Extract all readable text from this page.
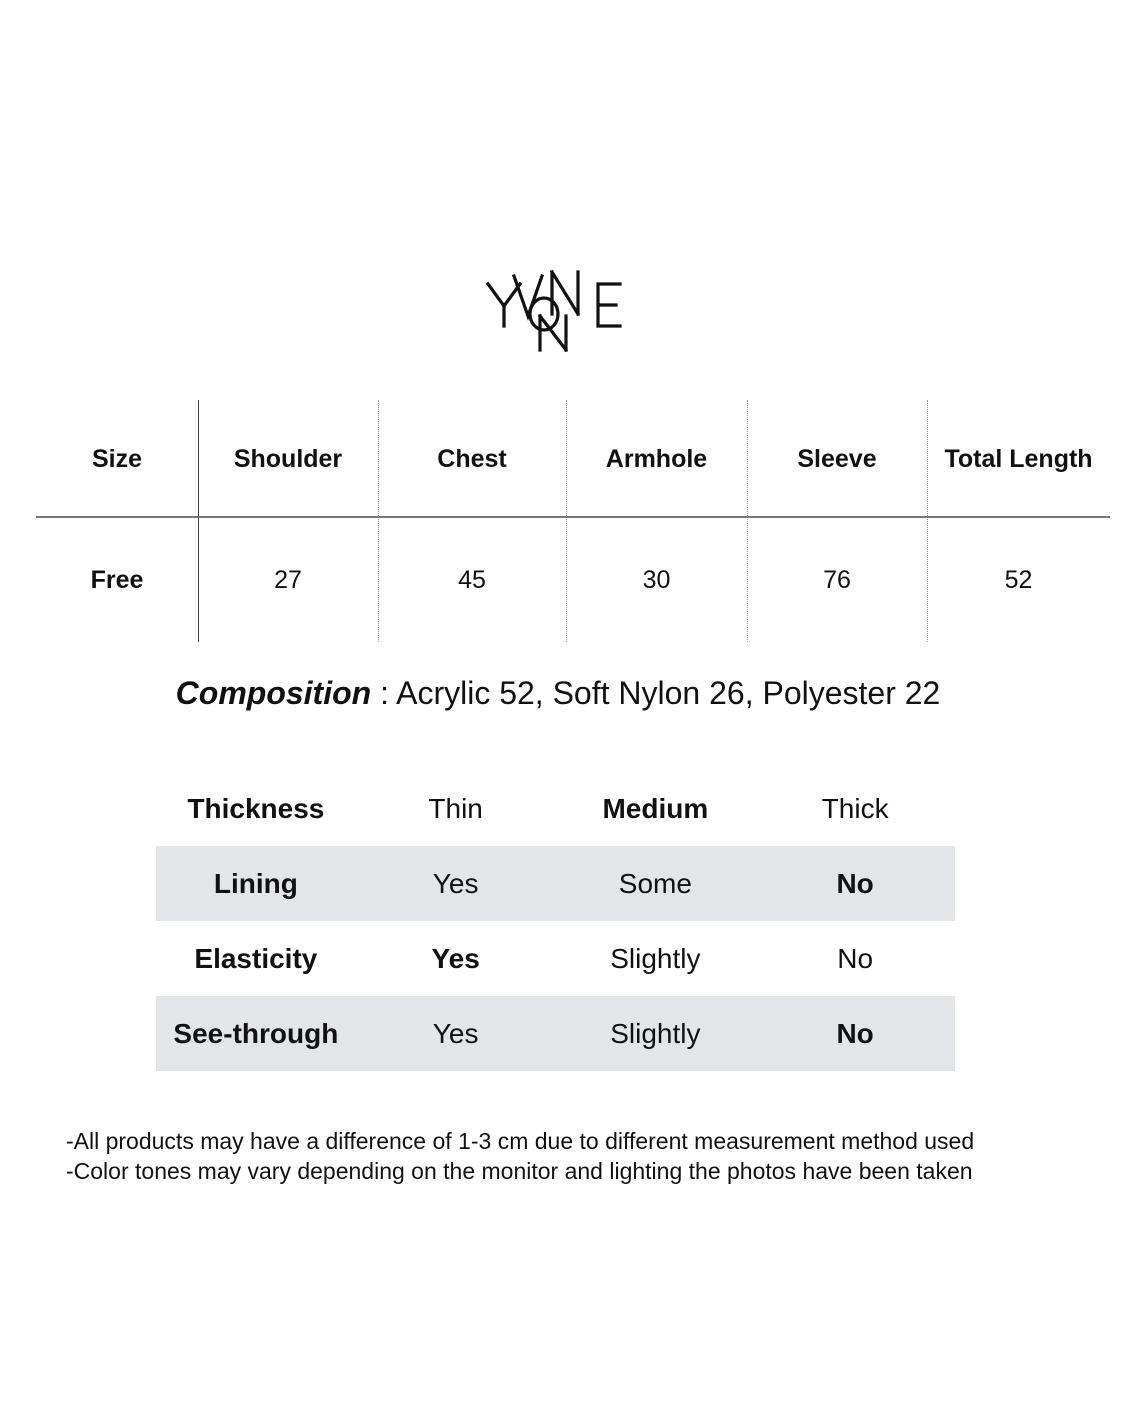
Size	Shoulder	Chest	Armhole	Sleeve	Total Length
Free	27	45	30	76	52
Composition : Acrylic 52, Soft Nylon 26, Polyester 22
Thickness	Thin	Medium	Thick
Lining	Yes	Some	No
Elasticity	Yes	Slightly	No
See-through	Yes	Slightly	No
-All products may have a difference of 1-3 cm due to different measurement method used
-Color tones may vary depending on the monitor and lighting the photos have been taken
